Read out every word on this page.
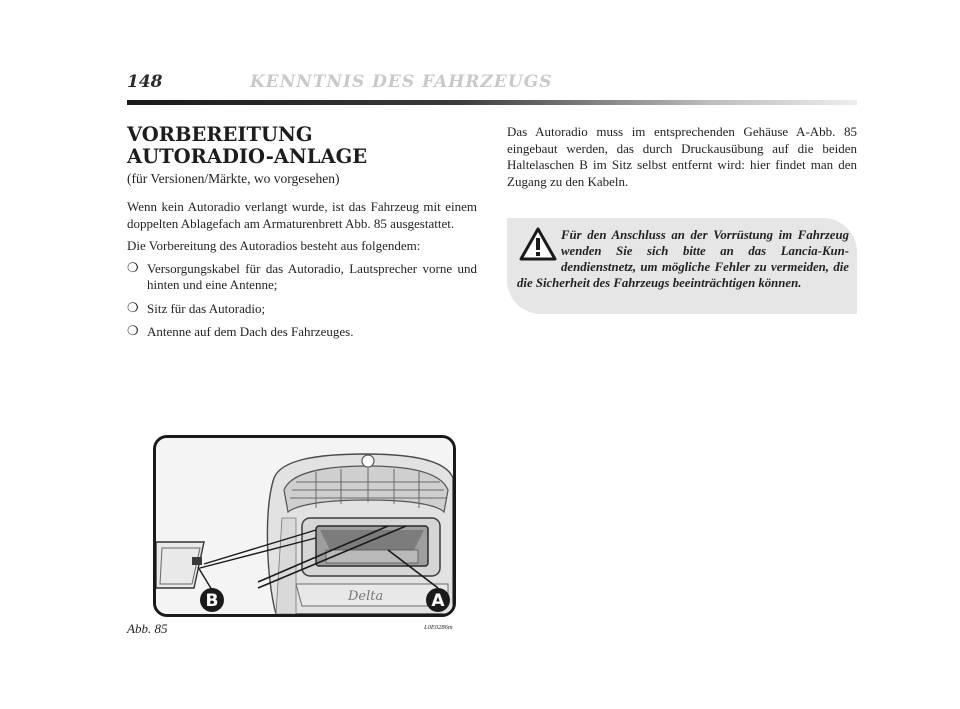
148	KENNTNIS DES FAHRZEUGS
VORBEREITUNG
AUTORADIO-ANLAGE
(für Versionen/Märkte, wo vorgesehen)

Wenn kein Autoradio verlangt wurde, ist das Fahrzeug mit einem doppelten Ablagefach am Armaturenbrett Abb. 85 ausgestattet.

Die Vorbereitung des Autoradios besteht aus folgendem:

❍ Versorgungskabel für das Autoradio, Lautsprecher vorne und hinten und eine Antenne;
❍ Sitz für das Autoradio;
❍ Antenne auf dem Dach des Fahrzeuges.

Das Autoradio muss im entsprechenden Gehäuse A-Abb. 85 eingebaut werden, das durch Druckausübung auf die beiden Haltelaschen B im Sitz selbst entfernt wird: hier findet man den Zugang zu den Kabeln.

Für den Anschluss an der Vorrüstung im Fahrzeug wenden Sie sich bitte an das Lancia-Kundendienstnetz, um mögliche Fehler zu vermeiden, die die Sicherheit des Fahrzeugs beeinträchtigen können.

Delta
B	A
Abb. 85	L0E0286m
